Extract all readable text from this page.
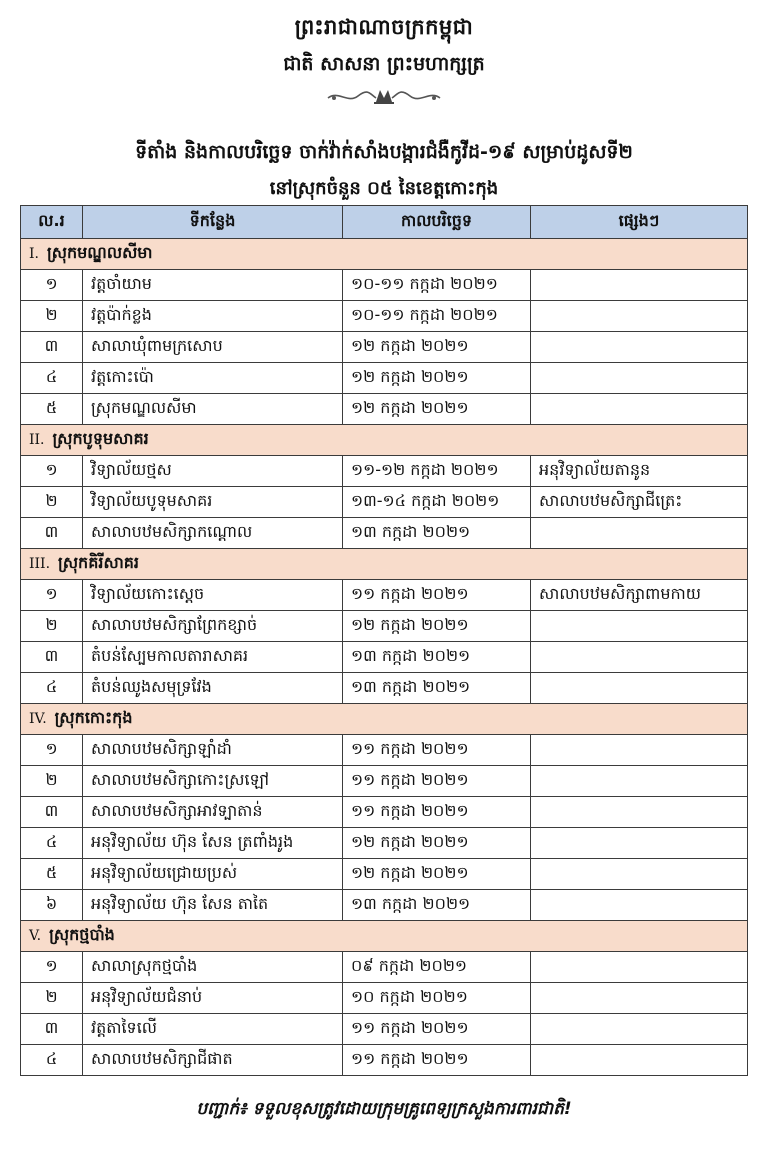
ព្រះរាជាណាចក្រកម្ពុជា
ជាតិ សាសនា ព្រះមហាក្សត្រ
ទីតាំង និងកាលបរិច្ឆេទ ចាក់វ៉ាក់សាំងបង្ការជំងឺកូវីដ-១៩ សម្រាប់ដូសទី២
នៅស្រុកចំនួន ០៥ នៃខេត្តកោះកុង
ល.រ	ទីកន្លែង	កាលបរិច្ឆេទ	ផ្សេងៗ
I. ស្រុកមណ្ឌលសីមា			
១	វត្តចាំយាម	១០-១១ កក្កដា ២០២១	
២	វត្តប៉ាក់ខ្លង	១០-១១ កក្កដា ២០២១	
៣	សាលាឃុំពាមក្រសោប	១២ កក្កដា ២០២១	
៤	វត្តកោះប៉ោ	១២ កក្កដា ២០២១	
៥	ស្រុកមណ្ឌលសីមា	១២ កក្កដា ២០២១	
II. ស្រុកបូទុមសាគរ			
១	វិទ្យាល័យថ្មស	១១-១២ កក្កដា ២០២១	អនុវិទ្យាល័យតានូន
២	វិទ្យាល័យបូទុមសាគរ	១៣-១៤ កក្កដា ២០២១	សាលាបឋមសិក្សាជីត្រេះ
៣	សាលាបឋមសិក្សាកណ្តោល	១៣ កក្កដា ២០២១	
III. ស្រុកគិរីសាគរ			
១	វិទ្យាល័យកោះស្តេច	១១ កក្កដា ២០២១	សាលាបឋមសិក្សាពាមកាយ
២	សាលាបឋមសិក្សាព្រែកខ្សាច់	១២ កក្កដា ២០២១	
៣	តំបន់ស្បែមកាលតារាសាគរ	១៣ កក្កដា ២០២១	
៤	តំបន់ឈូងសមុទ្រវែង	១៣ កក្កដា ២០២១	
IV. ស្រុកកោះកុង			
១	សាលាបឋមសិក្សាឡាំដាំ	១១ កក្កដា ២០២១	
២	សាលាបឋមសិក្សាកោះស្រឡៅ	១១ កក្កដា ២០២១	
៣	សាលាបឋមសិក្សាអាវទ្បាតាន់	១១ កក្កដា ២០២១	
៤	អនុវិទ្យាល័យ ហ៊ុន សែន ត្រពាំងរូង	១២ កក្កដា ២០២១	
៥	អនុវិទ្យាល័យជ្រោយប្រស់	១២ កក្កដា ២០២១	
៦	អនុវិទ្យាល័យ ហ៊ុន សែន តាតៃ	១៣ កក្កដា ២០២១	
V. ស្រុកថ្មបាំង			
១	សាលាស្រុកថ្មបាំង	០៩ កក្កដា ២០២១	
២	អនុវិទ្យាល័យជំនាប់	១០ កក្កដា ២០២១	
៣	វត្តតាទៃលើ	១១ កក្កដា ២០២១	
៤	សាលាបឋមសិក្សាជីផាត	១១ កក្កដា ២០២១	
បញ្ជាក់៖ ទទួលខុសត្រូវដោយក្រុមគ្រូពេទ្យក្រសួងការពារជាតិ!
